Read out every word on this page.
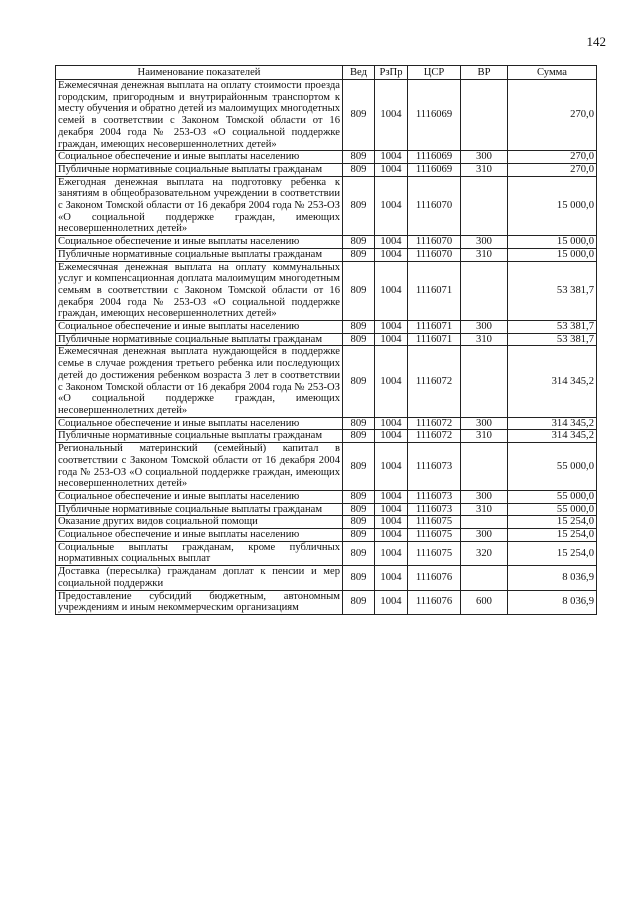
142
Наименование показателей	Вед	РзПр	ЦСР	ВР	Сумма
Ежемесячная денежная выплата на оплату стоимости проезда городским, пригородным и внутрирайонным транспортом к месту обучения и обратно детей из малоимущих многодетных семей в соответствии с Законом Томской области от 16 декабря 2004 года № 253-ОЗ «О социальной поддержке граждан, имеющих несовершеннолетних детей»	809	1004	1116069		270,0
Социальное обеспечение и иные выплаты населению	809	1004	1116069	300	270,0
Публичные нормативные социальные выплаты гражданам	809	1004	1116069	310	270,0
Ежегодная денежная выплата на подготовку ребенка к занятиям в общеобразовательном учреждении в соответствии с Законом Томской области от 16 декабря 2004 года № 253-ОЗ «О социальной поддержке граждан, имеющих несовершеннолетних детей»	809	1004	1116070		15 000,0
Социальное обеспечение и иные выплаты населению	809	1004	1116070	300	15 000,0
Публичные нормативные социальные выплаты гражданам	809	1004	1116070	310	15 000,0
Ежемесячная денежная выплата на оплату коммунальных услуг и компенсационная доплата малоимущим многодетным семьям в соответствии с Законом Томской области от 16 декабря 2004 года № 253-ОЗ «О социальной поддержке граждан, имеющих несовершеннолетних детей»	809	1004	1116071		53 381,7
Социальное обеспечение и иные выплаты населению	809	1004	1116071	300	53 381,7
Публичные нормативные социальные выплаты гражданам	809	1004	1116071	310	53 381,7
Ежемесячная денежная выплата нуждающейся в поддержке семье в случае рождения третьего ребенка или последующих детей до достижения ребенком возраста 3 лет в соответствии с Законом Томской области от 16 декабря 2004 года № 253-ОЗ «О социальной поддержке граждан, имеющих несовершеннолетних детей»	809	1004	1116072		314 345,2
Социальное обеспечение и иные выплаты населению	809	1004	1116072	300	314 345,2
Публичные нормативные социальные выплаты гражданам	809	1004	1116072	310	314 345,2
Региональный материнский (семейный) капитал в соответствии с Законом Томской области от 16 декабря 2004 года № 253-ОЗ «О социальной поддержке граждан, имеющих несовершеннолетних детей»	809	1004	1116073		55 000,0
Социальное обеспечение и иные выплаты населению	809	1004	1116073	300	55 000,0
Публичные нормативные социальные выплаты гражданам	809	1004	1116073	310	55 000,0
Оказание других видов социальной помощи	809	1004	1116075		15 254,0
Социальное обеспечение и иные выплаты населению	809	1004	1116075	300	15 254,0
Социальные выплаты гражданам, кроме публичных нормативных социальных выплат	809	1004	1116075	320	15 254,0
Доставка (пересылка) гражданам доплат к пенсии и мер социальной поддержки	809	1004	1116076		8 036,9
Предоставление субсидий бюджетным, автономным учреждениям и иным некоммерческим организациям	809	1004	1116076	600	8 036,9
